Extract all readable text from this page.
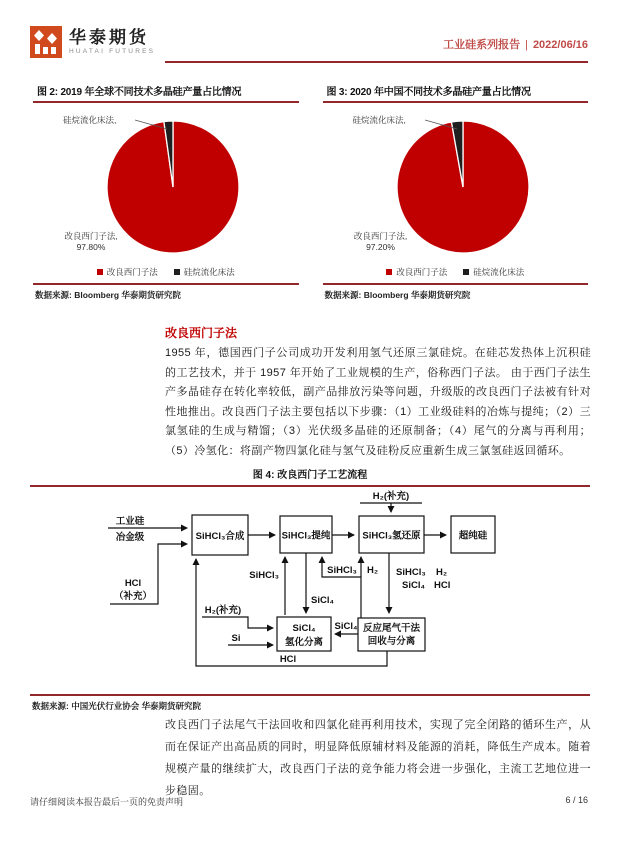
华泰期货
HUATAI FUTURES	工业硅系列报告 | 2022/06/16
图 2: 2019 年全球不同技术多晶硅产量占比情况
硅烷流化床法,
改良西门子法,
97.80%
改良西门子法	硅烷流化床法
数据来源: Bloomberg 华泰期货研究院
图 3: 2020 年中国不同技术多晶硅产量占比情况
硅烷流化床法,
改良西门子法,
97.20%
改良西门子法	硅烷流化床法
数据来源: Bloomberg 华泰期货研究院
改良西门子法
1955 年，德国西门子公司成功开发利用氢气还原三氯硅烷。在硅芯发热体上沉积硅的工艺技术，并于 1957 年开始了工业规模的生产，俗称西门子法。 由于西门子法生产多晶硅存在转化率较低，副产品排放污染等问题，升级版的改良西门子法被有针对性地推出。改良西门子法主要包括以下步骤：（1）工业级硅料的冶炼与提纯；（2）三氯氢硅的生成与精馏；（3）光伏级多晶硅的还原制备；（4）尾气的分离与再利用；（5）冷氢化：将副产物四氯化硅与氢气及硅粉反应重新生成三氯氢硅返回循环。
图 4: 改良西门子工艺流程
SiHCl₃合成	SiHCl₃提纯	SiHCl₃氢还原	超纯硅
SiCl₄
氢化分离
反应尾气干法
回收与分离
H₂(补充)
工业硅
冶金级
HCl
（补充）
SiHCl₃
SiCl₄
SiHCl₃ H₂ SiHCl₃ H₂
SiCl₄ HCl
SiCl₄
H₂(补充)
Si
HCl
数据来源: 中国光伏行业协会 华泰期货研究院
改良西门子法尾气干法回收和四氯化硅再利用技术，实现了完全闭路的循环生产，从而在保证产出高品质的同时，明显降低原辅材料及能源的消耗，降低生产成本。随着规模产量的继续扩大，改良西门子法的竞争能力将会进一步强化，主流工艺地位进一步稳固。
请仔细阅读本报告最后一页的免责声明	6 / 16
